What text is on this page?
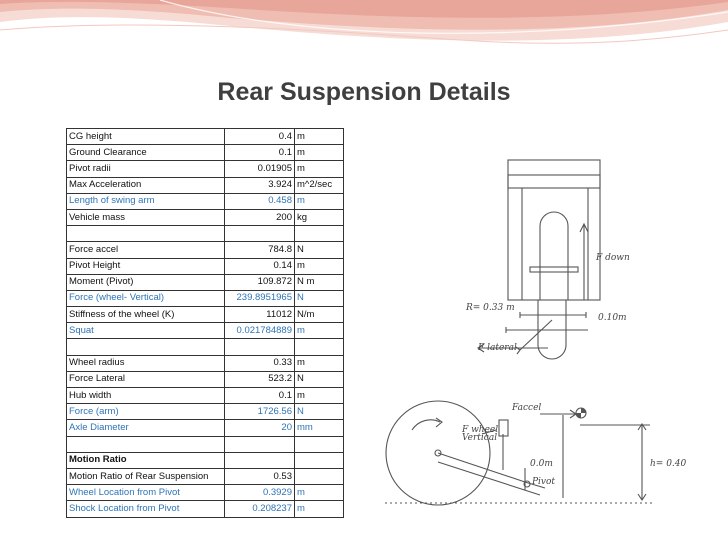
Rear Suspension Details
CG height	0.4	m
Ground Clearance	0.1	m
Pivot radii	0.01905	m
Max Acceleration	3.924	m^2/sec
Length of swing arm	0.458	m
Vehicle mass	200	kg

Force accel	784.8	N
Pivot Height	0.14	m
Moment (Pivot)	109.872	N m
Force (wheel- Vertical)	239.8951965	N
Stiffness of the wheel (K)	11012	N/m
Squat	0.021784889	m

Wheel radius	0.33	m
Force Lateral	523.2	N
Hub width	0.1	m
Force (arm)	1726.56	N
Axle Diameter	20	mm

Motion Ratio		
Motion Ratio of Rear Suspension	0.53	
Wheel Location from Pivot	0.3929	m
Shock Location from Pivot	0.208237	m
F down
R= 0.33 m
0.10m
F lateral
Faccel
F wheel
Vertical
0.0m
Pivot
h= 0.40
